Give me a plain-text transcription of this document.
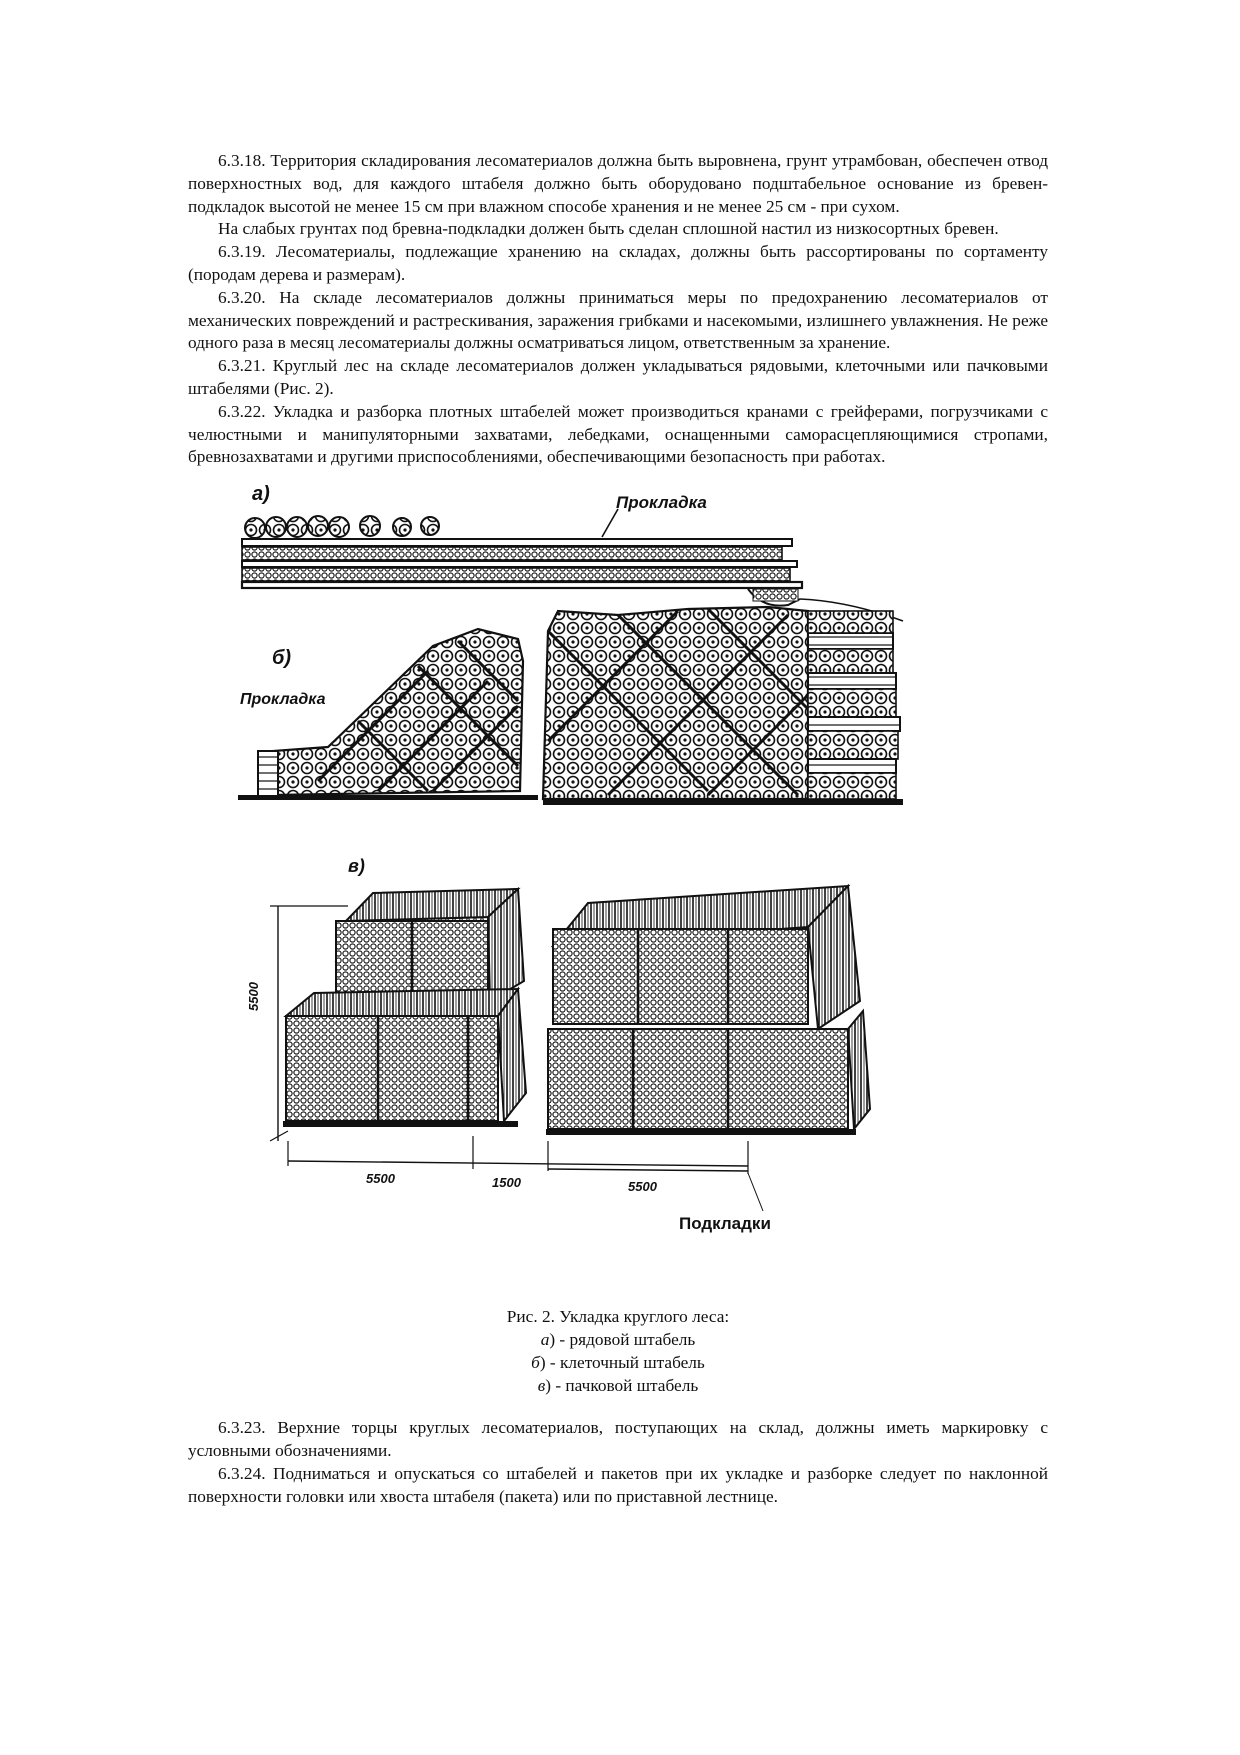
6.3.18. Территория складирования лесоматериалов должна быть выровнена, грунт утрамбован, обеспечен отвод поверхностных вод, для каждого штабеля должно быть оборудовано подштабельное основание из бревен-подкладок высотой не менее 15 см при влажном способе хранения и не менее 25 см - при сухом.

На слабых грунтах под бревна-подкладки должен быть сделан сплошной настил из низкосортных бревен.

6.3.19. Лесоматериалы, подлежащие хранению на складах, должны быть рассортированы по сортаменту (породам дерева и размерам).

6.3.20. На складе лесоматериалов должны приниматься меры по предохранению лесоматериалов от механических повреждений и растрескивания, заражения грибками и насекомыми, излишнего увлажнения. Не реже одного раза в месяц лесоматериалы должны осматриваться лицом, ответственным за хранение.

6.3.21. Круглый лес на складе лесоматериалов должен укладываться рядовыми, клеточными или пачковыми штабелями (Рис. 2).

6.3.22. Укладка и разборка плотных штабелей может производиться кранами с грейферами, погрузчиками с челюстными и манипуляторными захватами, лебедками, оснащенными саморасцепляющимися стропами, бревнозахватами и другими приспособлениями, обеспечивающими безопасность при работах.

а)	Прокладка
б)
Прокладка
в)
5500
5500	1500	5500
Подкладки
Рис. 2. Укладка круглого леса:
а) - рядовой штабель
б) - клеточный штабель
в) - пачковой штабель

6.3.23. Верхние торцы круглых лесоматериалов, поступающих на склад, должны иметь маркировку с условными обозначениями.

6.3.24. Подниматься и опускаться со штабелей и пакетов при их укладке и разборке следует по наклонной поверхности головки или хвоста штабеля (пакета) или по приставной лестнице.
